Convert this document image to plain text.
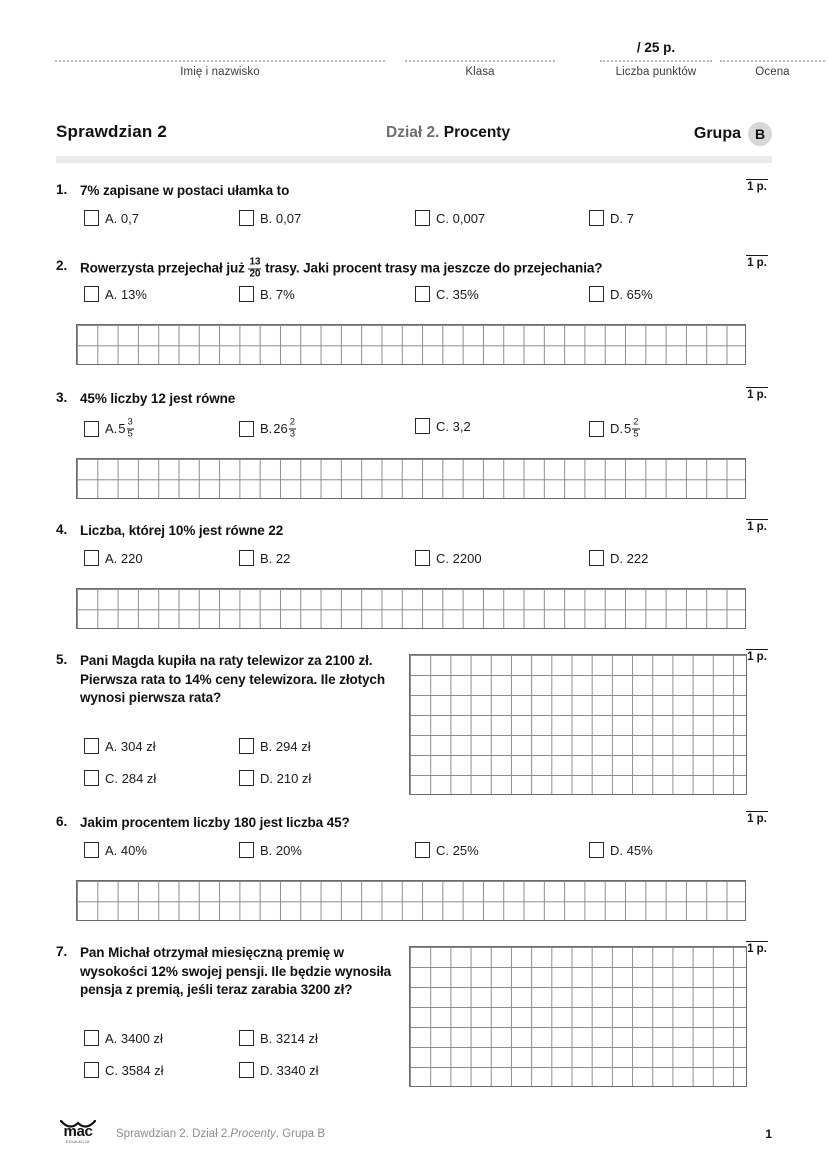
/ 25 p.
Imię i nazwisko	Klasa	Liczba punktów	Ocena
Sprawdzian 2	Dział 2. Procenty	Grupa B
1. 7% zapisane w postaci ułamka to	1 p.
A. 0,7	B. 0,07	C. 0,007	D. 7
2. Rowerzysta przejechał już $\frac{13}{20}$ trasy. Jaki procent trasy ma jeszcze do przejechania?	1 p.
A. 13%	B. 7%	C. 35%	D. 65%
3. 45% liczby 12 jest równe	1 p.
A. $5 \frac{3}{5}$	B. $26 \frac{2}{3}$	C. 3,2	D. $5 \frac{2}{5}$
4. Liczba, której 10% jest równe 22	1 p.
A. 220	B. 22	C. 2200	D. 222
5. Pani Magda kupiła na raty telewizor za 2100 zł. Pierwsza rata to 14% ceny telewizora. Ile złotych wynosi pierwsza rata?
1 p.
A. 304 zł	B. 294 zł
C. 284 zł	D. 210 zł
6. Jakim procentem liczby 180 jest liczba 45?	1 p.
A. 40%	B. 20%	C. 25%	D. 45%
7. Pan Michał otrzymał miesięczną premię w wysokości 12% swojej pensji. Ile będzie wynosiła pensja z premią, jeśli teraz zarabia 3200 zł?
1 p.
A. 3400 zł	B. 3214 zł
C. 3584 zł	D. 3340 zł
mac
EDUKACJA
Sprawdzian 2. Dział 2.Procenty. Grupa B	1
